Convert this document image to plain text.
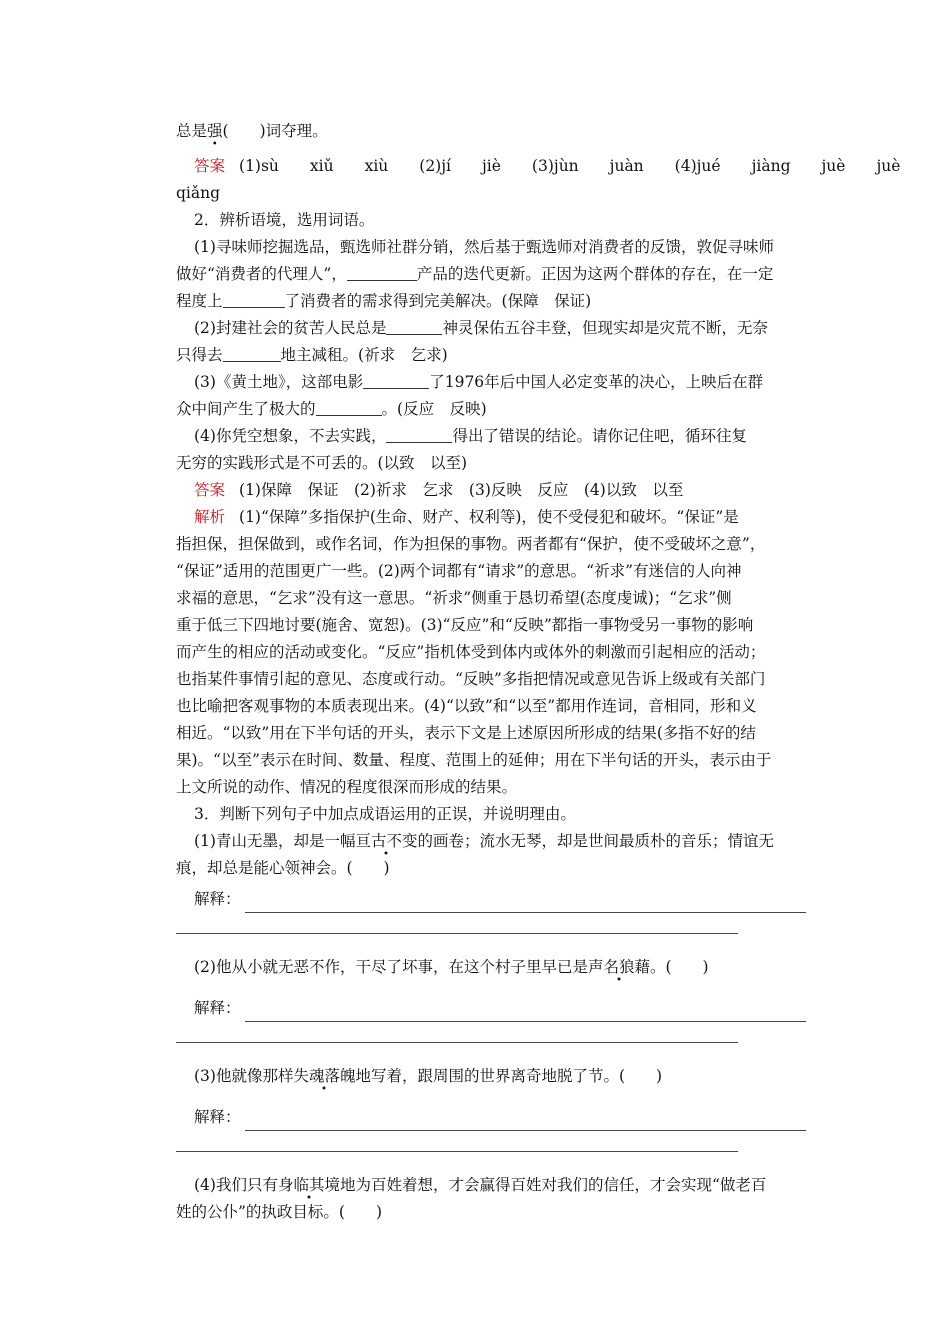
总是强(　　)词夺理。
答案 (1)sù　　xiǔ　　xiù　　(2)jí　　jiè　　(3)jùn　　juàn　　(4)jué　　jiàng　　juè　　juè
qiǎng
2．辨析语境，选用词语。
(1)寻味师挖掘选品，甄选师社群分销，然后基于甄选师对消费者的反馈，敦促寻味师
做好“消费者的代理人”，	产品的迭代更新。正因为这两个群体的存在，在一定
程度上	了消费者的需求得到完美解决。(保障　保证)
(2)封建社会的贫苦人民总是	神灵保佑五谷丰登，但现实却是灾荒不断，无奈
只得去	地主减租。(祈求　乞求)
(3)《黄土地》，这部电影	了1976年后中国人必定变革的决心，上映后在群
众中间产生了极大的	。(反应　反映)
(4)你凭空想象，不去实践，	得出了错误的结论。请你记住吧，循环往复
无穷的实践形式是不可丢的。(以致　以至)
答案 (1)保障　保证　(2)祈求　乞求　(3)反映　反应　(4)以致　以至
解析 (1)“保障”多指保护(生命、财产、权利等)，使不受侵犯和破坏。“保证”是
指担保，担保做到，或作名词，作为担保的事物。两者都有“保护，使不受破坏之意”，
“保证”适用的范围更广一些。(2)两个词都有“请求”的意思。“祈求”有迷信的人向神
求福的意思，“乞求”没有这一意思。“祈求”侧重于恳切希望(态度虔诚)；“乞求”侧
重于低三下四地讨要(施舍、宽恕)。(3)“反应”和“反映”都指一事物受另一事物的影响
而产生的相应的活动或变化。“反应”指机体受到体内或体外的刺激而引起相应的活动；
也指某件事情引起的意见、态度或行动。“反映”多指把情况或意见告诉上级或有关部门
也比喻把客观事物的本质表现出来。(4)“以致”和“以至”都用作连词，音相同，形和义
相近。“以致”用在下半句话的开头，表示下文是上述原因所形成的结果(多指不好的结
果)。“以至”表示在时间、数量、程度、范围上的延伸；用在下半句话的开头，表示由于
上文所说的动作、情况的程度很深而形成的结果。
3．判断下列句子中加点成语运用的正误，并说明理由。
(1)青山无墨，却是一幅亘古不变的画卷；流水无琴，却是世间最质朴的音乐；情谊无
痕，却总是能心领神会。(　　)
解释：
(2)他从小就无恶不作，干尽了坏事，在这个村子里早已是声名狼藉。(　　)
解释：
(3)他就像那样失魂落魄地写着，跟周围的世界离奇地脱了节。(　　)
解释：
(4)我们只有身临其境地为百姓着想，才会赢得百姓对我们的信任，才会实现“做老百
姓的公仆”的执政目标。(　　)
